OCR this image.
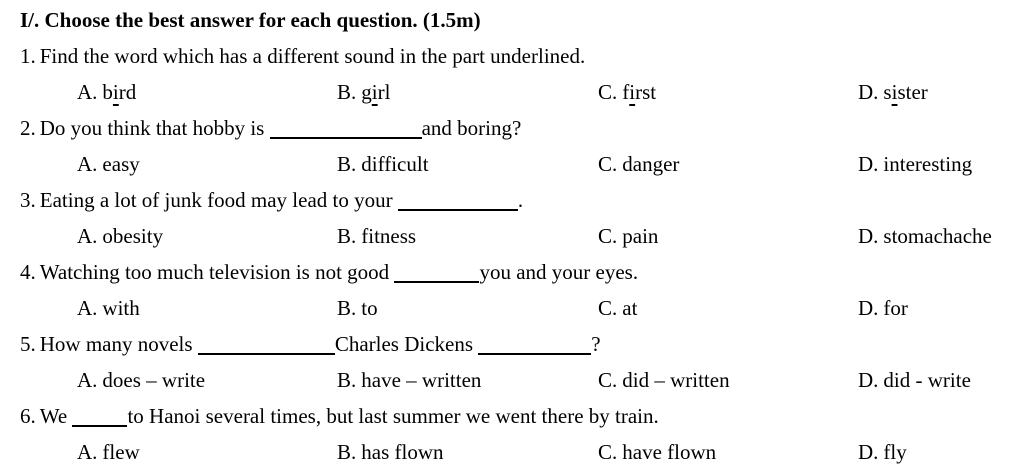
I/. Choose the best answer for each question. (1.5m)
1. Find the word which has a different sound in the part underlined.
A. bird	B. girl	C. first	D. sister
2. Do you think that hobby is	and boring?
A. easy	B. difficult	C. danger	D. interesting
3. Eating a lot of junk food may lead to your	.
A. obesity	B. fitness	C. pain	D. stomachache
4. Watching too much television is not good	you and your eyes.
A. with	B. to	C. at	D. for
5. How many novels	Charles Dickens	?
A. does – write	B. have – written	C. did – written	D. did - write
6. We	to Hanoi several times, but last summer we went there by train.
A. flew	B. has flown	C. have flown	D. fly
